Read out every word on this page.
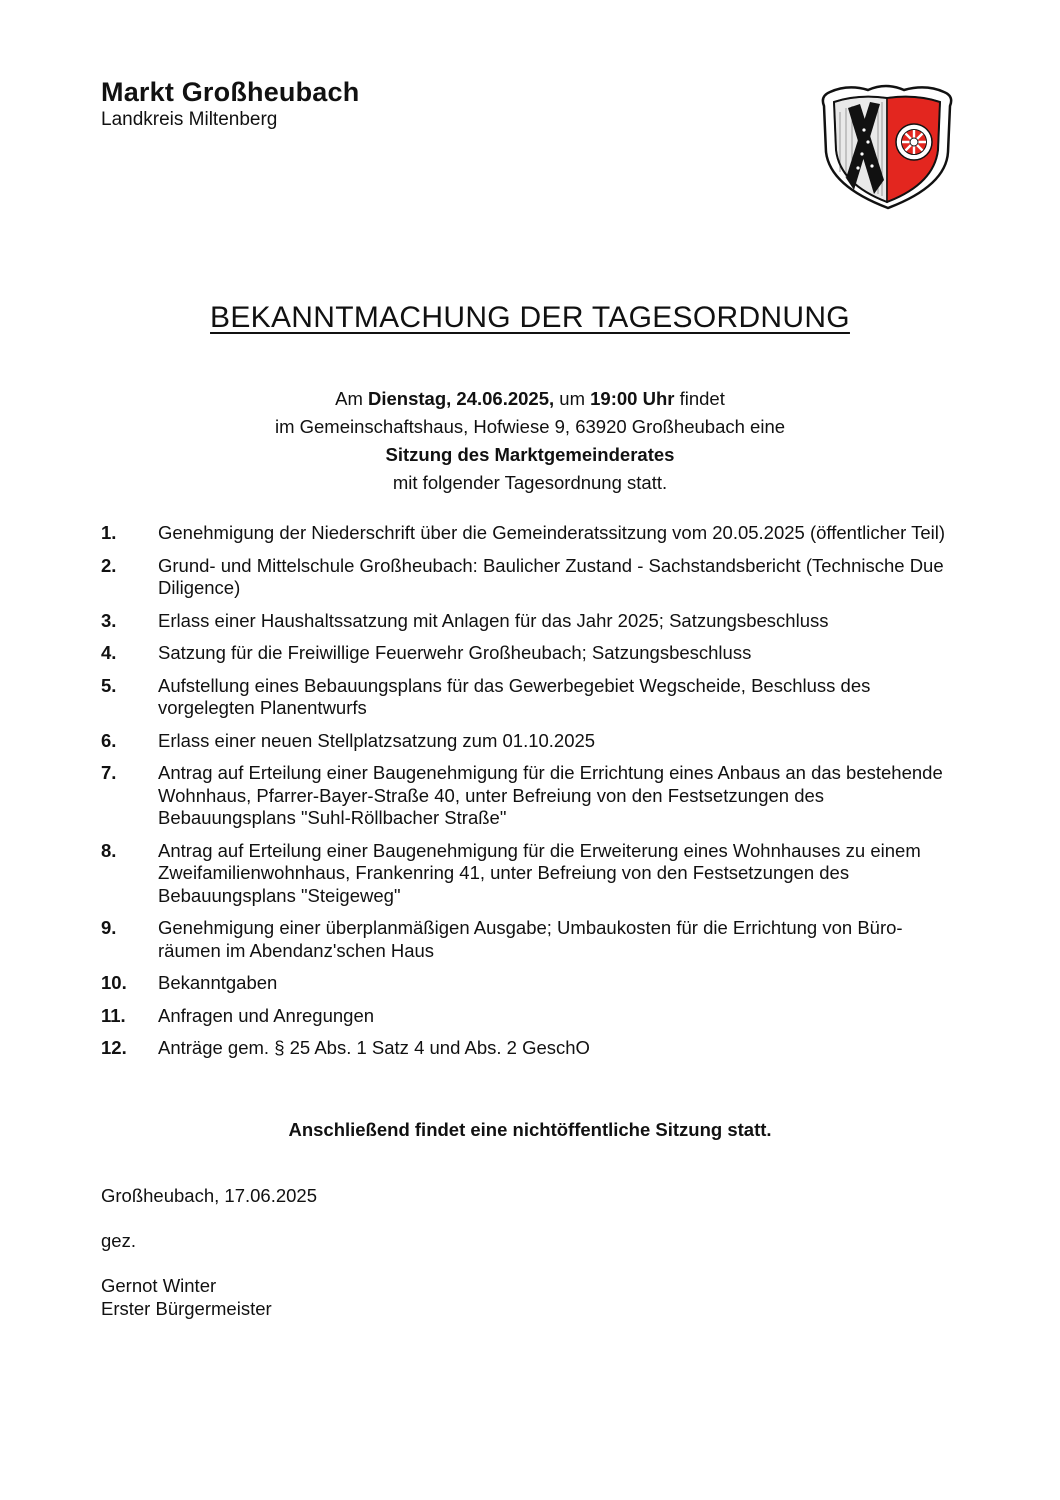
Markt Großheubach
Landkreis Miltenberg
BEKANNTMACHUNG DER TAGESORDNUNG
Am Dienstag, 24.06.2025, um 19:00 Uhr findet
im Gemeinschaftshaus, Hofwiese 9, 63920 Großheubach eine
Sitzung des Marktgemeinderates
mit folgender Tagesordnung statt.
1.	Genehmigung der Niederschrift über die Gemeinderatssitzung vom 20.05.2025 (öffentlicher Teil)
2.	Grund- und Mittelschule Großheubach: Baulicher Zustand - Sachstandsbericht (Technische Due Diligence)
3.	Erlass einer Haushaltssatzung mit Anlagen für das Jahr 2025; Satzungsbeschluss
4.	Satzung für die Freiwillige Feuerwehr Großheubach; Satzungsbeschluss
5.	Aufstellung eines Bebauungsplans für das Gewerbegebiet Wegscheide, Beschluss des vorgelegten Planentwurfs
6.	Erlass einer neuen Stellplatzsatzung zum 01.10.2025
7.	Antrag auf Erteilung einer Baugenehmigung für die Errichtung eines Anbaus an das bestehende Wohnhaus, Pfarrer-Bayer-Straße 40, unter Befreiung von den Festsetzungen des Bebauungsplans "Suhl-Röllbacher Straße"
8.	Antrag auf Erteilung einer Baugenehmigung für die Erweiterung eines Wohnhauses zu einem Zweifamilienwohnhaus, Frankenring 41, unter Befreiung von den Festsetzungen des Bebauungsplans "Steigeweg"
9.	Genehmigung einer überplanmäßigen Ausgabe; Umbaukosten für die Errichtung von Büroräumen im Abendanz'schen Haus
10.	Bekanntgaben
11.	Anfragen und Anregungen
12.	Anträge gem. § 25 Abs. 1 Satz 4 und Abs. 2 GeschO
Anschließend findet eine nichtöffentliche Sitzung statt.
Großheubach, 17.06.2025
gez.
Gernot Winter
Erster Bürgermeister
